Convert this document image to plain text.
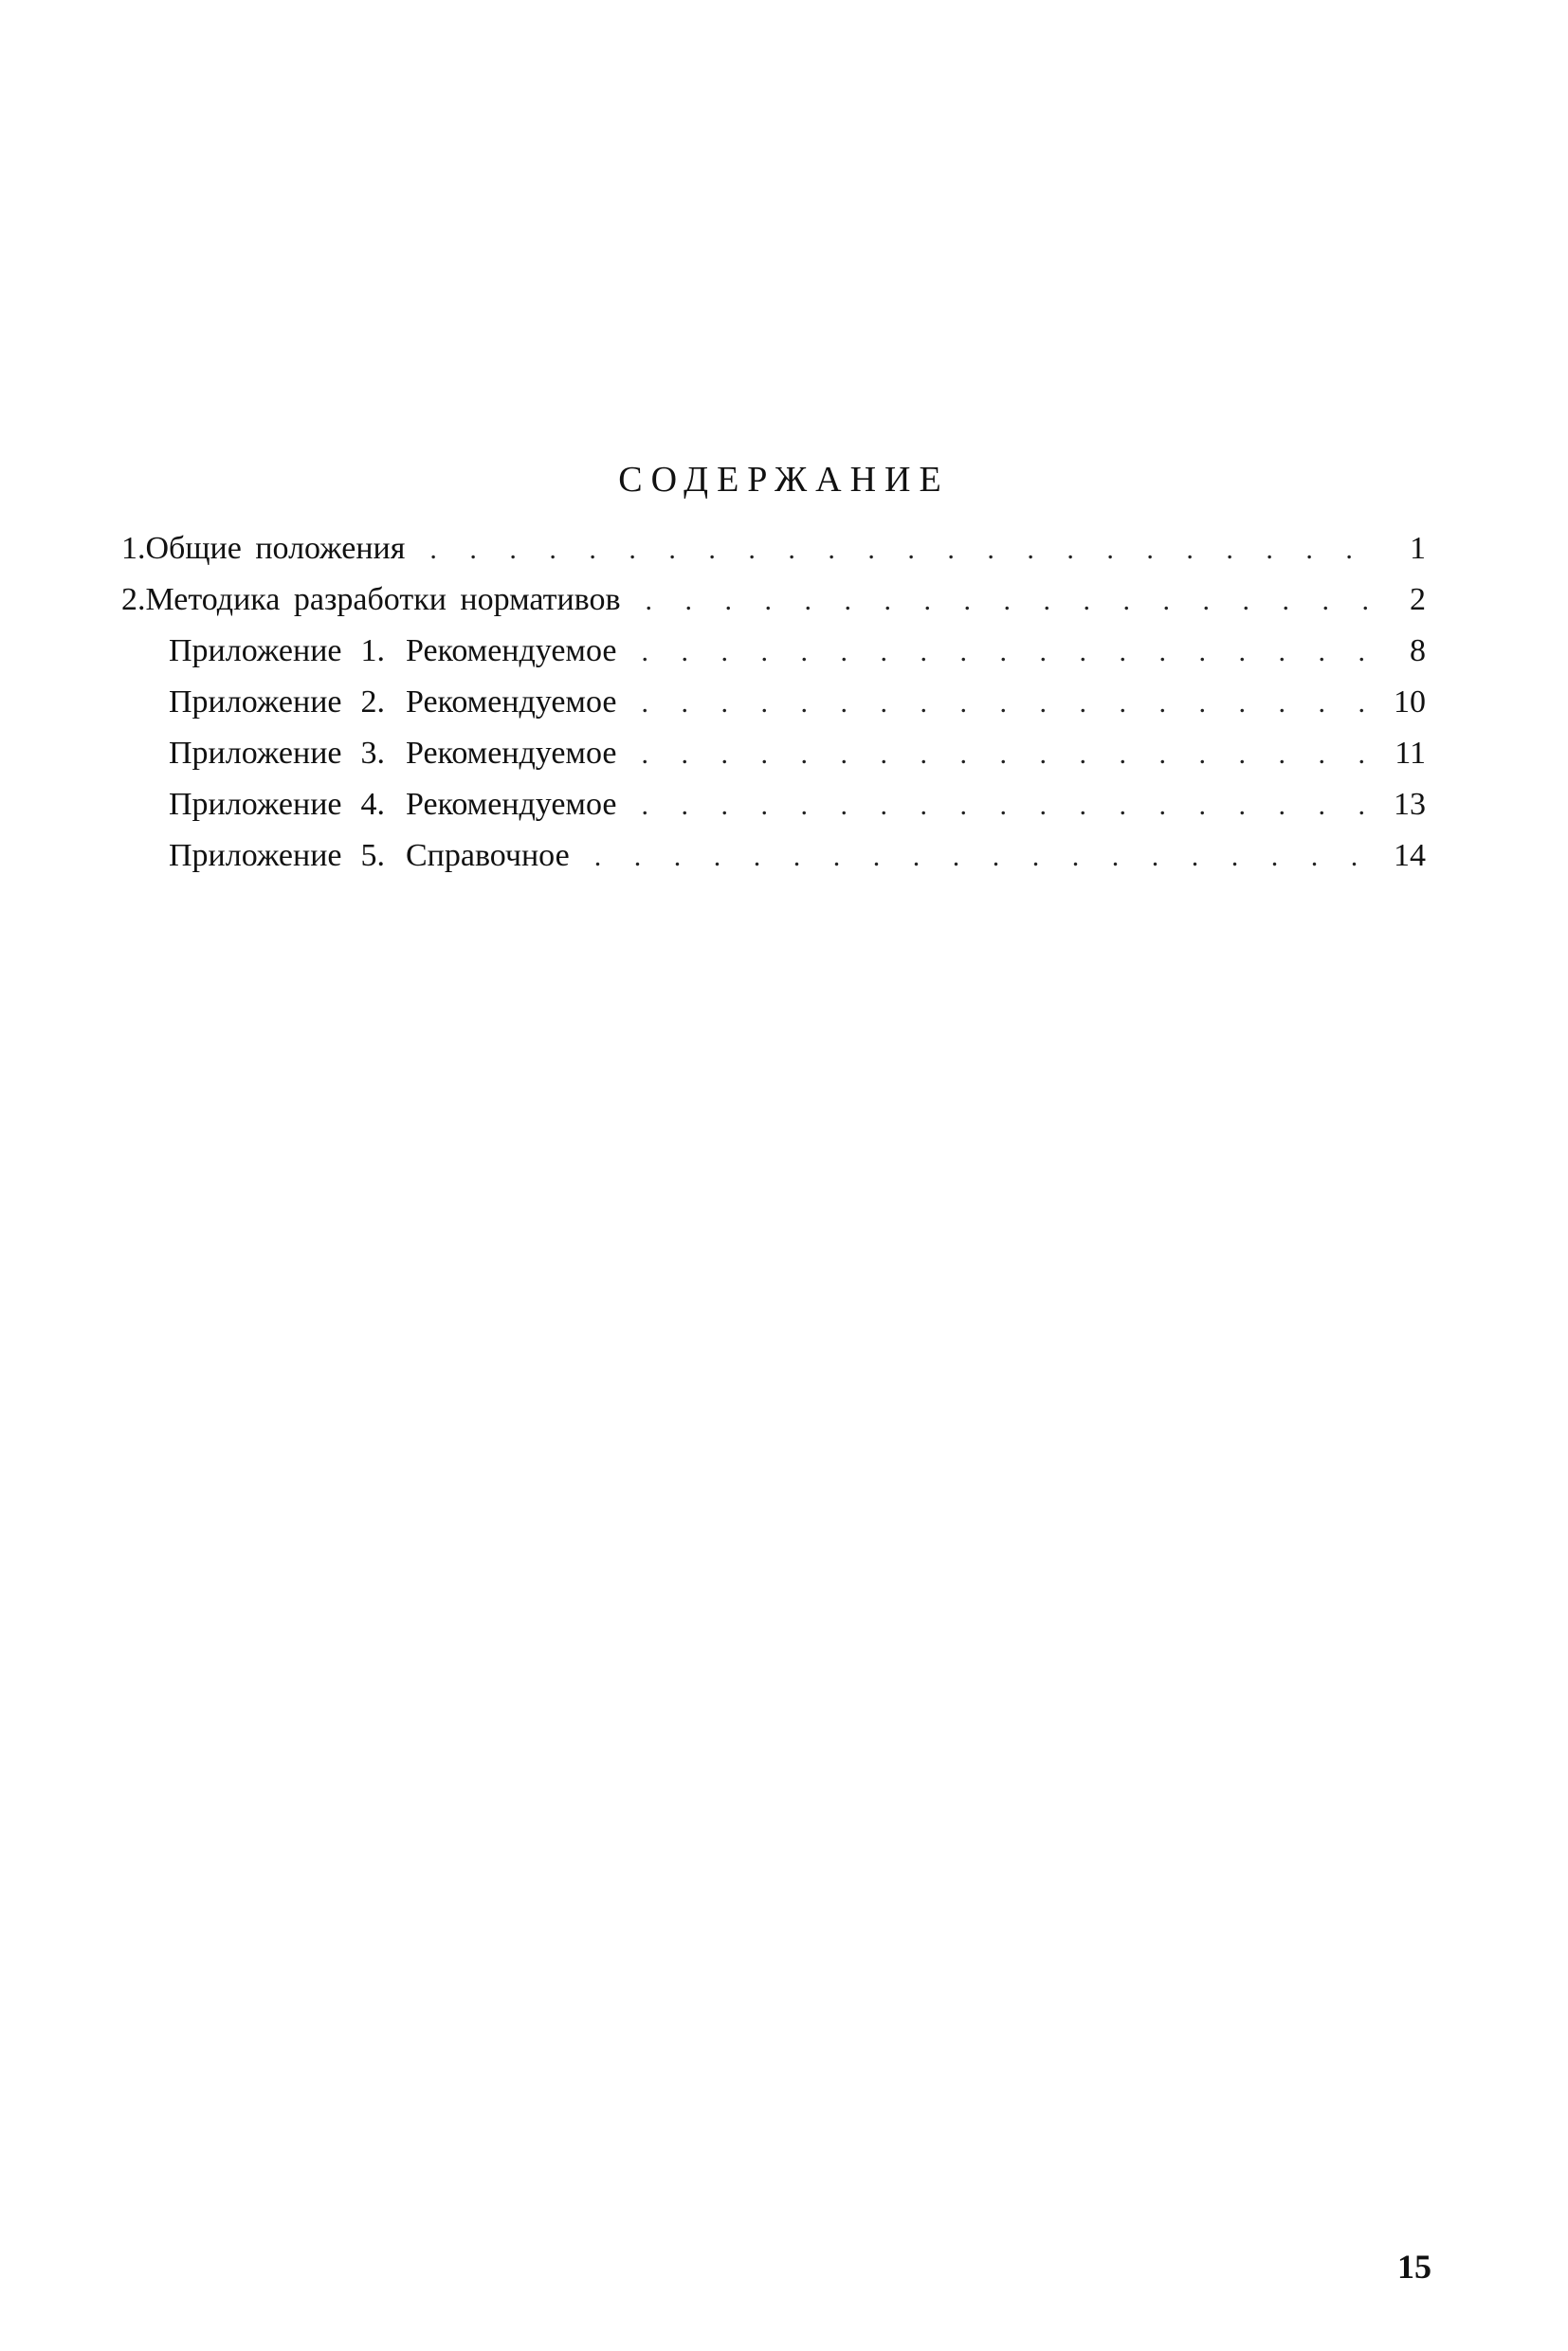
СОДЕРЖАНИЕ
1. Общие положения . . .	1
2. Методика разработки нормативов . . .	2
Приложение 1. Рекомендуемое . . .	8
Приложение 2. Рекомендуемое . . .	10
Приложение 3. Рекомендуемое . . .	11
Приложение 4. Рекомендуемое . . .	13
Приложение 5. Справочное . . .	14
15
